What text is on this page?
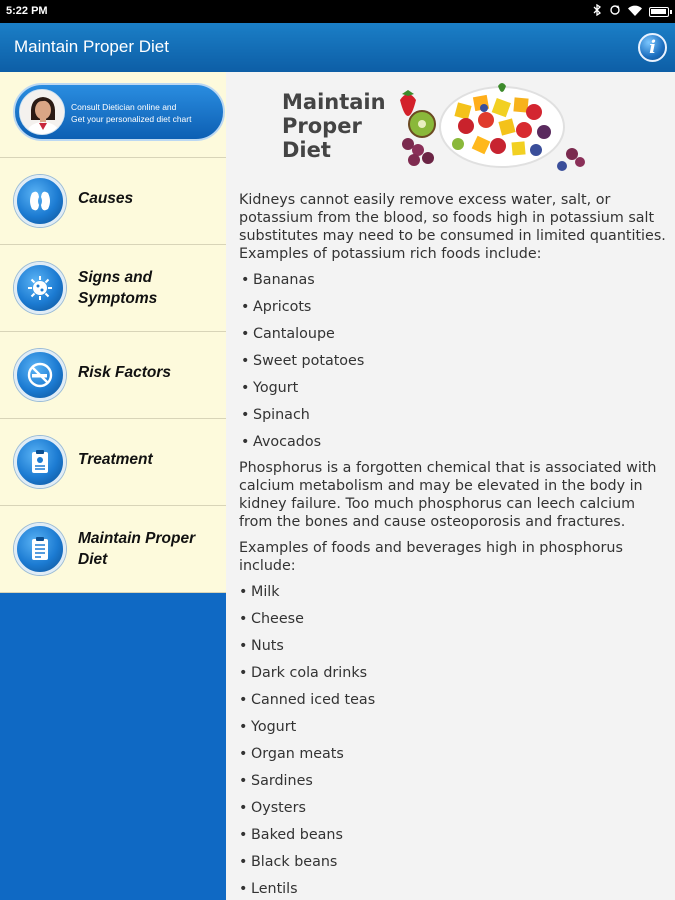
5:22 PM
Maintain Proper Diet	i
Consult Dietician online and
Get your personalized diet chart
Causes
Signs and
Symptoms
Risk Factors
Treatment
Maintain Proper
Diet
Maintain
Proper
Diet

Kidneys cannot easily remove excess water, salt, or potassium from the blood, so foods high in potassium salt substitutes may need to be consumed in limited quantities. Examples of potassium rich foods include:

• Bananas
• Apricots
• Cantaloupe
• Sweet potatoes
• Yogurt
• Spinach
• Avocados

Phosphorus is a forgotten chemical that is associated with calcium metabolism and may be elevated in the body in kidney failure. Too much phosphorus can leech calcium from the bones and cause osteoporosis and fractures.

Examples of foods and beverages high in phosphorus include:

• Milk
• Cheese
• Nuts
• Dark cola drinks
• Canned iced teas
• Yogurt
• Organ meats
• Sardines
• Oysters
• Baked beans
• Black beans
• Lentils
